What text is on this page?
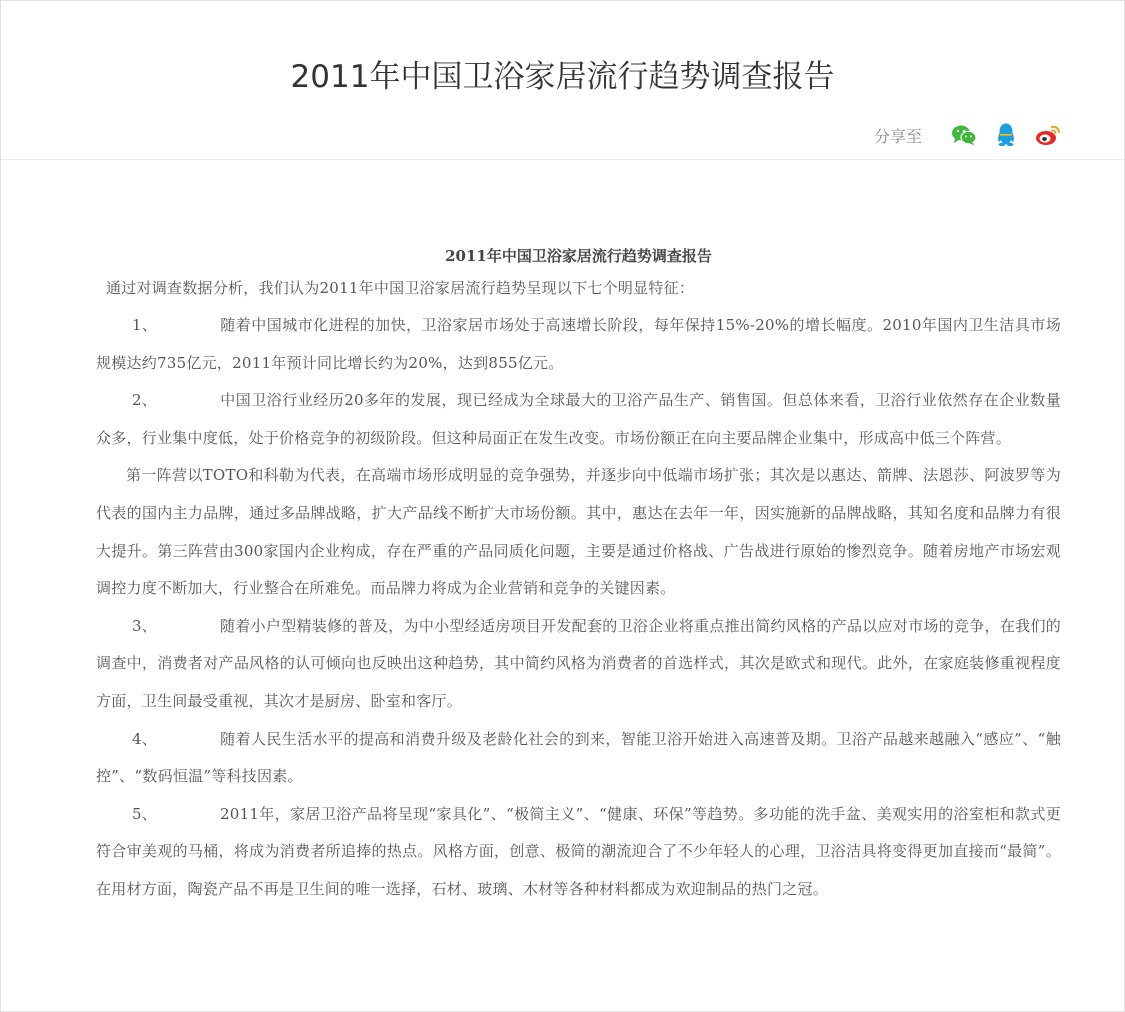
2011年中国卫浴家居流行趋势调查报告
分享至

2011年中国卫浴家居流行趋势调查报告

通过对调查数据分析，我们认为2011年中国卫浴家居流行趋势呈现以下七个明显特征：

1、	随着中国城市化进程的加快，卫浴家居市场处于高速增长阶段，每年保持15%-20%的增长幅度。2010年国内卫生洁具市场规模达约735亿元，2011年预计同比增长约为20%，达到855亿元。

2、	中国卫浴行业经历20多年的发展，现已经成为全球最大的卫浴产品生产、销售国。但总体来看，卫浴行业依然存在企业数量众多，行业集中度低，处于价格竞争的初级阶段。但这种局面正在发生改变。市场份额正在向主要品牌企业集中，形成高中低三个阵营。

第一阵营以TOTO和科勒为代表，在高端市场形成明显的竞争强势，并逐步向中低端市场扩张；其次是以惠达、箭牌、法恩莎、阿波罗等为代表的国内主力品牌，通过多品牌战略，扩大产品线不断扩大市场份额。其中，惠达在去年一年，因实施新的品牌战略，其知名度和品牌力有很大提升。第三阵营由300家国内企业构成，存在严重的产品同质化问题，主要是通过价格战、广告战进行原始的惨烈竞争。随着房地产市场宏观调控力度不断加大，行业整合在所难免。而品牌力将成为企业营销和竞争的关键因素。

3、	随着小户型精装修的普及，为中小型经适房项目开发配套的卫浴企业将重点推出简约风格的产品以应对市场的竞争，在我们的调查中，消费者对产品风格的认可倾向也反映出这种趋势，其中简约风格为消费者的首选样式，其次是欧式和现代。此外，在家庭装修重视程度方面，卫生间最受重视，其次才是厨房、卧室和客厅。

4、	随着人民生活水平的提高和消费升级及老龄化社会的到来，智能卫浴开始进入高速普及期。卫浴产品越来越融入“感应”、“触控”、“数码恒温”等科技因素。

5、	2011年，家居卫浴产品将呈现“家具化”、“极简主义”、“健康、环保”等趋势。多功能的洗手盆、美观实用的浴室柜和款式更符合审美观的马桶，将成为消费者所追捧的热点。风格方面，创意、极简的潮流迎合了不少年轻人的心理，卫浴洁具将变得更加直接而“最简”。在用材方面，陶瓷产品不再是卫生间的唯一选择，石材、玻璃、木材等各种材料都成为欢迎制品的热门之冠。
